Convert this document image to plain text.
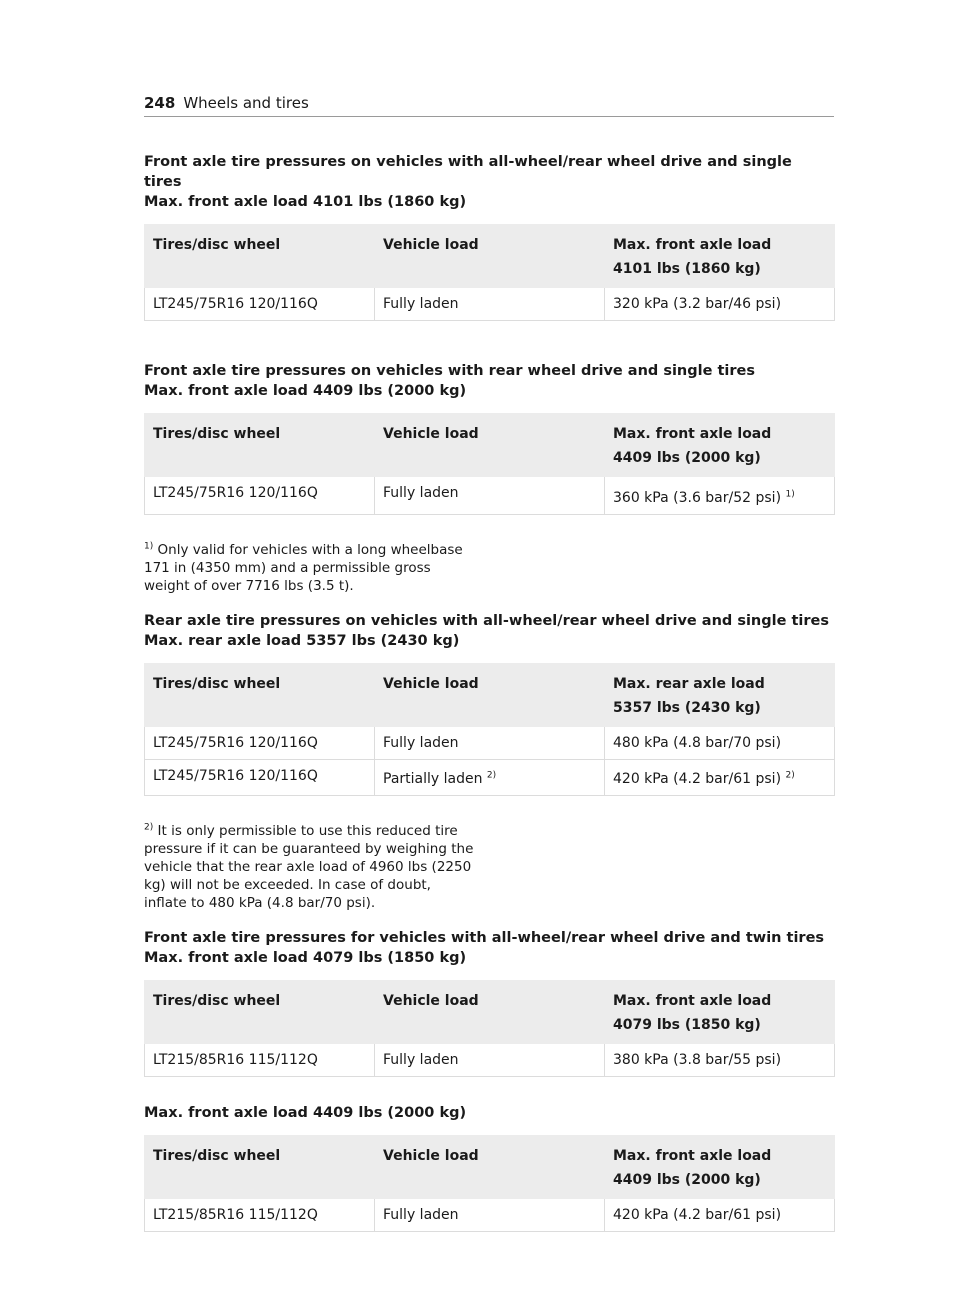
248 Wheels and tires

Front axle tire pressures on vehicles with all-wheel/rear wheel drive and single tires

Max. front axle load 4101 lbs (1860 kg)

Tires/disc wheel	Vehicle load	Max. front axle load
4101 lbs (1860 kg)

LT245/75R16 120/116Q	Fully laden	320 kPa (3.2 bar/46 psi)

Front axle tire pressures on vehicles with rear wheel drive and single tires

Max. front axle load 4409 lbs (2000 kg)

Tires/disc wheel	Vehicle load	Max. front axle load
4409 lbs (2000 kg)

LT245/75R16 120/116Q	Fully laden	360 kPa (3.6 bar/52 psi) $^{1)}$
$^{1)}$ Only valid for vehicles with a long wheelbase 171 in (4350 mm) and a permissible gross weight of over 7716 lbs (3.5 t).

Rear axle tire pressures on vehicles with all-wheel/rear wheel drive and single tires

Max. rear axle load 5357 lbs (2430 kg)

Tires/disc wheel	Vehicle load	Max. rear axle load
5357 lbs (2430 kg)

LT245/75R16 120/116Q	Fully laden	480 kPa (4.8 bar/70 psi)
LT245/75R16 120/116Q	Partially laden $^{2)}$	420 kPa (4.2 bar/61 psi) $^{2)}$
$^{2)}$ It is only permissible to use this reduced tire pressure if it can be guaranteed by weighing the vehicle that the rear axle load of 4960 lbs (2250 kg) will not be exceeded. In case of doubt, inflate to 480 kPa (4.8 bar/70 psi).

Front axle tire pressures for vehicles with all-wheel/rear wheel drive and twin tires

Max. front axle load 4079 lbs (1850 kg)

Tires/disc wheel	Vehicle load	Max. front axle load
4079 lbs (1850 kg)

LT215/85R16 115/112Q	Fully laden	380 kPa (3.8 bar/55 psi)

Max. front axle load 4409 lbs (2000 kg)

Tires/disc wheel	Vehicle load	Max. front axle load
4409 lbs (2000 kg)

LT215/85R16 115/112Q	Fully laden	420 kPa (4.2 bar/61 psi)
